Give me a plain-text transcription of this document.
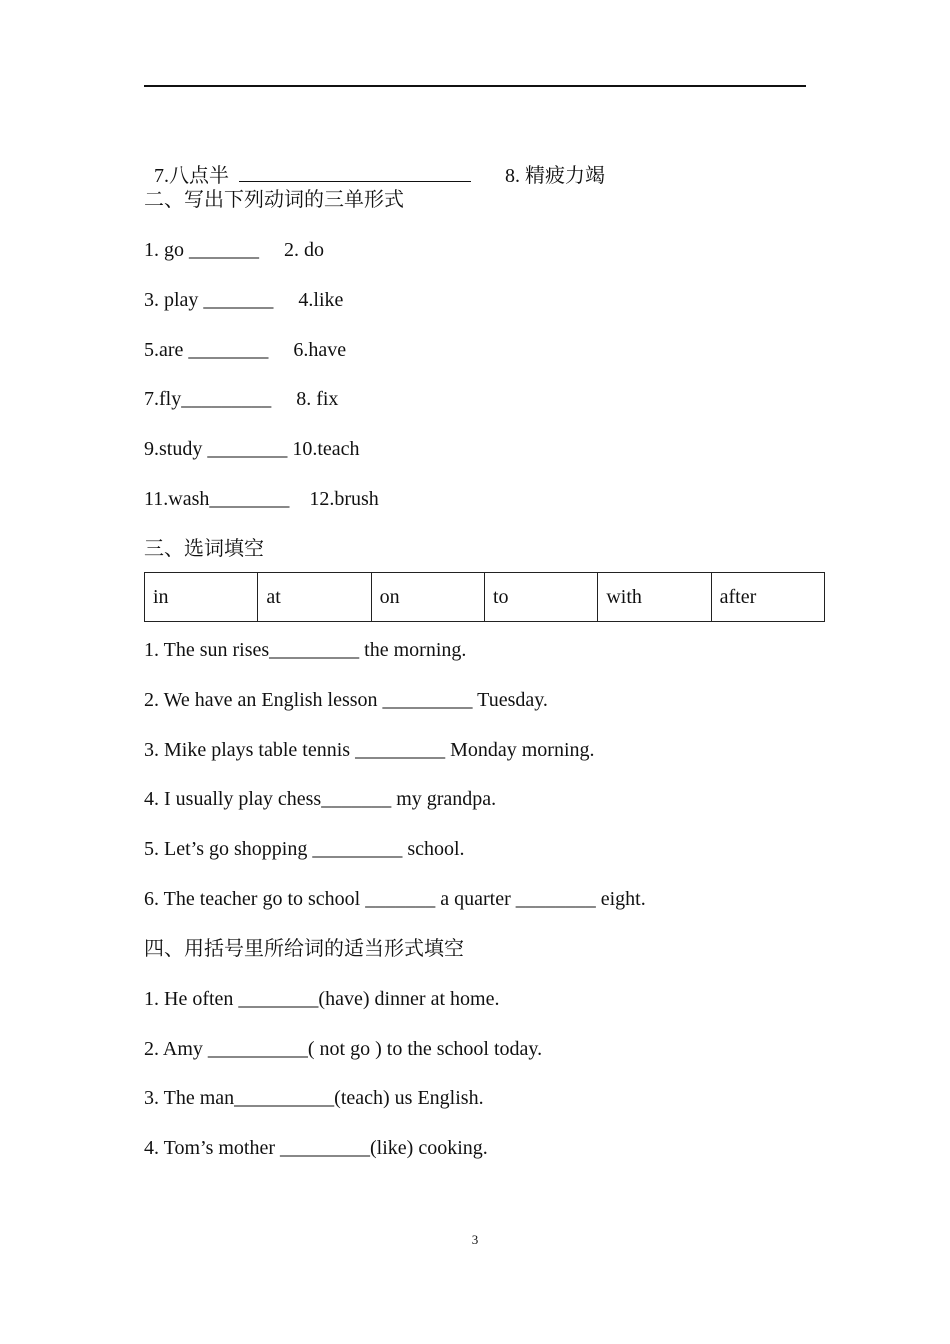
7.八点半	8. 精疲力竭

二、写出下列动词的三单形式
1. go _______     2. do
3. play _______     4.like
5.are ________     6.have
7.fly_________     8. fix
9.study ________ 10.teach
11.wash________    12.brush
三、选词填空
in	at	on	to	with	after
1. The sun rises_________ the morning.
2. We have an English lesson _________ Tuesday.
3. Mike plays table tennis _________ Monday morning.
4. I usually play chess_______ my grandpa.
5. Let’s go shopping _________ school.
6. The teacher go to school _______ a quarter ________ eight.
四、用括号里所给词的适当形式填空
1. He often ________(have) dinner at home.
2. Amy __________( not go ) to the school today.
3. The man__________(teach) us English.
4. Tom’s mother _________(like) cooking.
3
